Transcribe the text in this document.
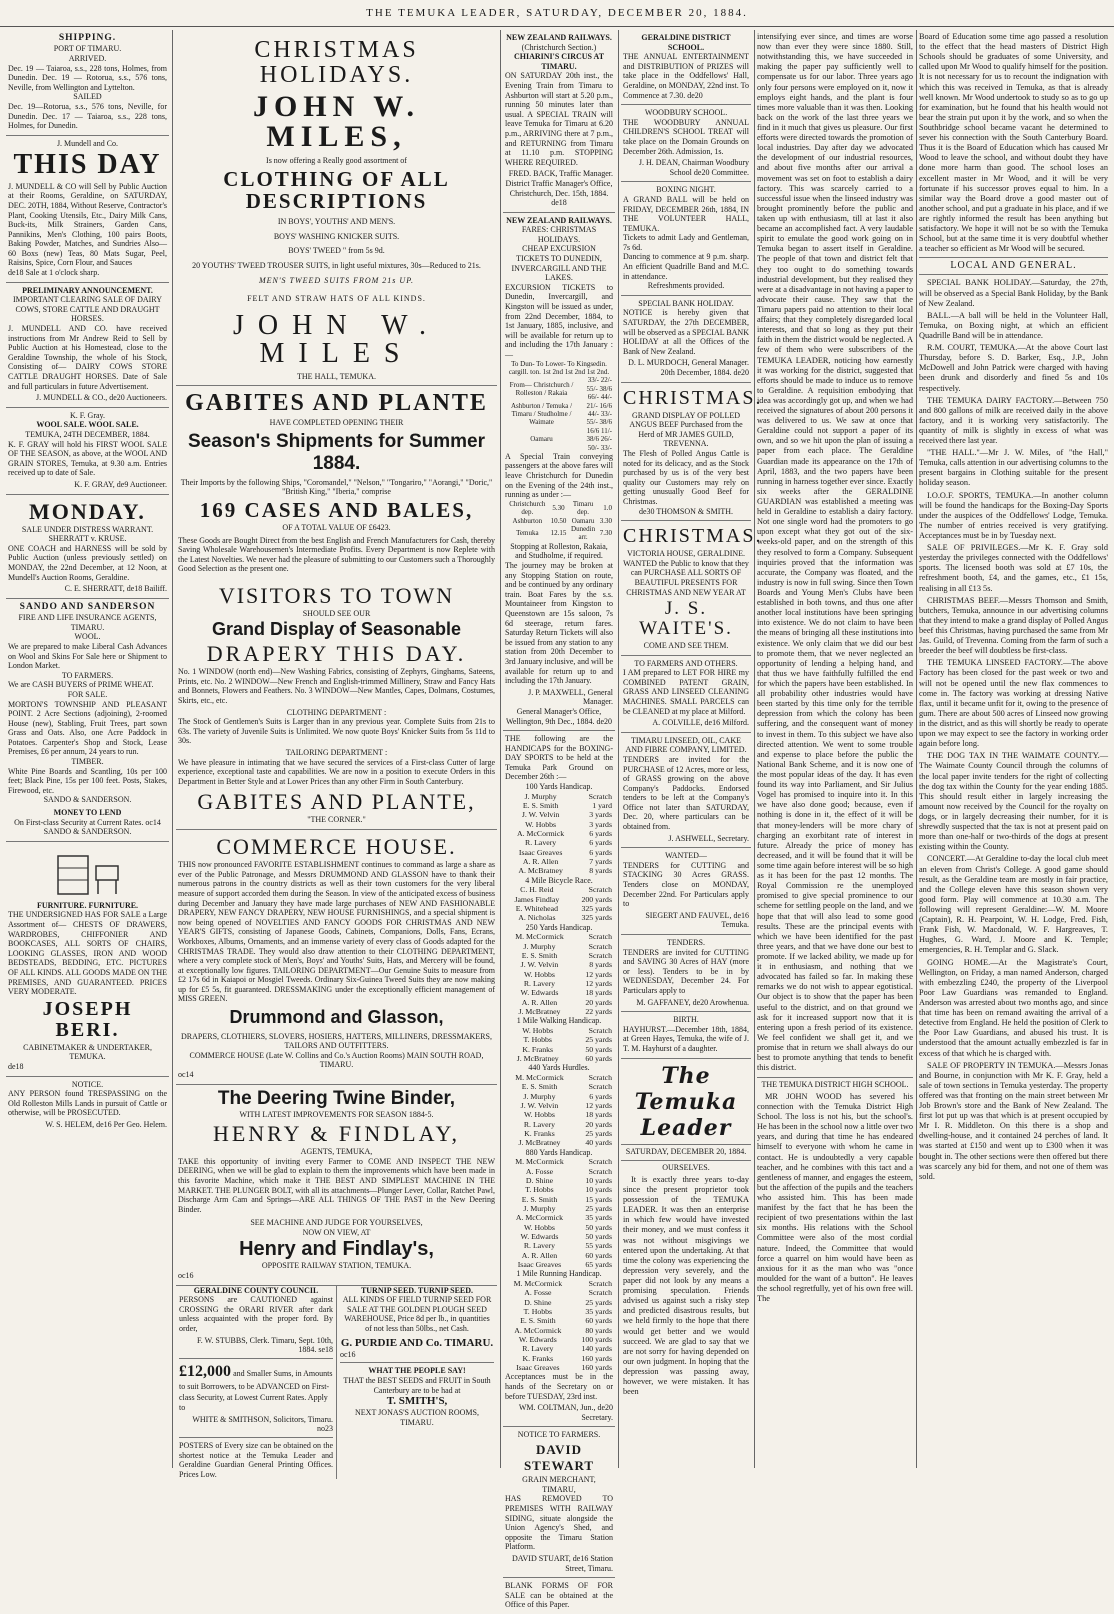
THE TEMUKA LEADER, SATURDAY, DECEMBER 20, 1884.
SHIPPING.
PORT OF TIMARU.
ARRIVED.
Dec. 19 — Taiaroa, s.s., 228 tons, Holmes, from Dunedin. Dec. 19 — Rotorua, s.s., 576 tons, Neville, from Wellington and Lyttelton.
SAILED
Dec. 19—Rotorua, s.s., 576 tons, Neville, for Dunedin. Dec. 17 — Taiaroa, s.s., 228 tons, Holmes, for Dunedin.
J. Mundell and Co.
THIS DAY
J. MUNDELL & CO will Sell by Public Auction at their Rooms, Geraldine, on SATURDAY, DEC. 20TH, 1884, Without Reserve, Contractor's Plant, Cooking Utensils, Etc., Dairy Milk Cans, Buck-its, Milk Strainers, Garden Cans, Pannikins, Men's Clothing, 100 pairs Boots, Baking Powder, Matches, and Sundries Also— 60 Boxs (new) Teas, 80 Mats Sugar, Peel, Raisins, Spice, Corn Flour, and Sauces
de18 Sale at 1 o'clock sharp.
PRELIMINARY ANNOUNCEMENT.
IMPORTANT CLEARING SALE OF DAIRY COWS, STORE CATTLE AND DRAUGHT HORSES.
J. MUNDELL AND CO. have received instructions from Mr Andrew Reid to Sell by Public Auction at his Homestead, close to the Geraldine Township, the whole of his Stock, Consisting of— DAIRY COWS STORE CATTLE DRAUGHT HORSES. Date of Sale and full particulars in future Advertisement.
J. MUNDELL & CO., de20 Auctioneers.
K. F. Gray.
WOOL SALE. WOOL SALE.
TEMUKA, 24TH DECEMBER, 1884.
K. F. GRAY will hold his FIRST WOOL SALE OF THE SEASON, as above, at the WOOL AND GRAIN STORES, Temuka, at 9.30 a.m. Entries received up to date of Sale.
K. F. GRAY, de9 Auctioneer.
MONDAY.
SALE UNDER DISTRESS WARRANT.
SHERRATT v. KRUSE.
ONE COACH and HARNESS will be sold by Public Auction (unless previously settled) on MONDAY, the 22nd December, at 12 Noon, at Mundell's Auction Rooms, Geraldine.
C. E. SHERRATT, de18 Bailiff.
SANDO AND SANDERSON
FIRE AND LIFE INSURANCE AGENTS, TIMARU.
WOOL.
We are prepared to make Liberal Cash Advances on Wool and Skins For Sale here or Shipment to London Market.
TO FARMERS.
We are CASH BUYERS of PRIME WHEAT.
FOR SALE.
MORTON'S TOWNSHIP AND PLEASANT POINT. 2 Acre Sections (adjoining), 2-roomed House (new), Stabling, Fruit Trees, part sown Grass and Oats. Also, one Acre Paddock in Potatoes. Carpenter's Shop and Stock, Lease Premises, £6 per annum, 24 years to run.
TIMBER.
White Pine Boards and Scantling, 10s per 100 feet; Black Pine, 15s per 100 feet. Posts, Stakes, Firewood, etc.
SANDO & SANDERSON.
MONEY TO LEND
On First-class Security at Current Rates. oc14 SANDO & SANDERSON.
FURNITURE. FURNITURE.
THE UNDERSIGNED HAS FOR SALE a Large Assortment of— CHESTS OF DRAWERS, WARDROBES, CHIFFONIER AND BOOKCASES, ALL SORTS OF CHAIRS, LOOKING GLASSES, IRON AND WOOD BEDSTEADS, BEDDING, ETC. PICTURES OF ALL KINDS. ALL GOODS MADE ON THE PREMISES, AND GUARANTEED. PRICES VERY MODERATE.
JOSEPH BERI.
CABINETMAKER & UNDERTAKER, TEMUKA.
de18
NOTICE.
ANY PERSON found TRESPASSING on the Old Rolleston Mills Lands in pursuit of Cattle or otherwise, will be PROSECUTED.
W. S. HELEM, de16 Per Geo. Helem.
CHRISTMAS HOLIDAYS.
JOHN W. MILES,
Is now offering a Really good assortment of
CLOTHING OF ALL DESCRIPTIONS
IN BOYS', YOUTHS' AND MEN'S.
BOYS' WASHING KNICKER SUITS.
BOYS' TWEED " from 5s 9d.
20 YOUTHS' TWEED TROUSER SUITS, in light useful mixtures, 30s—Reduced to 21s.
MEN'S TWEED SUITS FROM 21s UP.
FELT AND STRAW HATS OF ALL KINDS.
JOHN W. MILES
THE HALL, TEMUKA.
GABITES AND PLANTE
HAVE COMPLETED OPENING THEIR
Season's Shipments for Summer 1884.
Their Imports by the following Ships, "Coromandel," "Nelson," "Tongariro," "Aorangi," "Doric," "British King," "Iberia," comprise
169 CASES AND BALES,
OF A TOTAL VALUE OF £6423.
These Goods are Bought Direct from the best English and French Manufacturers for Cash, thereby Saving Wholesale Warehousemen's Intermediate Profits. Every Department is now Replete with the Latest Novelties. We never had the pleasure of submitting to our Customers such a Thoroughly Good Selection as the present one.
VISITORS TO TOWN
SHOULD SEE OUR
Grand Display of Seasonable
DRAPERY THIS DAY.
No. 1 WINDOW (north end)—New Washing Fabrics, consisting of Zephyrs, Ginghams, Sateens, Prints, etc. No. 2 WINDOW—New French and English-trimmed Millinery, Straw and Fancy Hats and Bonnets, Flowers and Feathers. No. 3 WINDOW—New Mantles, Capes, Dolmans, Costumes, Skirts, etc., etc.
CLOTHING DEPARTMENT :
The Stock of Gentlemen's Suits is Larger than in any previous year. Complete Suits from 21s to 63s. The variety of Juvenile Suits is Unlimited. We now quote Boys' Knicker Suits from 5s 11d to 30s.
TAILORING DEPARTMENT :
We have pleasure in intimating that we have secured the services of a First-class Cutter of large experience, exceptional taste and capabilities. We are now in a position to execute Orders in this Department in Better Style and at Lower Prices than any other Firm in South Canterbury.
GABITES AND PLANTE,
"THE CORNER."
COMMERCE HOUSE.
THIS now pronounced FAVORITE ESTABLISHMENT continues to command as large a share as ever of the Public Patronage, and Messrs DRUMMOND AND GLASSON have to thank their numerous patrons in the country districts as well as their town customers for the very liberal measure of support accorded them during the Season. In view of the anticipated excess of business during December and January they have made large purchases of NEW AND FASHIONABLE DRAPERY, NEW FANCY DRAPERY, NEW HOUSE FURNISHINGS, and a special shipment is now being opened of NOVELTIES AND FANCY GOODS FOR CHRISTMAS AND NEW YEAR'S GIFTS, consisting of Japanese Goods, Cabinets, Companions, Dolls, Fans, Ecrans, Workboxes, Albums, Ornaments, and an immense variety of every class of Goods adapted for the CHRISTMAS TRADE. They would also draw attention to their CLOTHING DEPARTMENT, where a very complete stock of Men's, Boys' and Youths' Suits, Hats, and Mercery will be found, at exceptionally low figures. TAILORING DEPARTMENT—Our Genuine Suits to measure from £2 17s 6d in Kaiapoi or Mosgiel Tweeds. Ordinary Six-Guinea Tweed Suits they are now making up for £5 5s, fit guaranteed. DRESSMAKING under the exceptionally efficient management of MISS GREEN.
Drummond and Glasson,
DRAPERS, CLOTHIERS, SLOVERS, HOSIERS, HATTERS, MILLINERS, DRESSMAKERS, TAILORS AND OUTFITTERS.
COMMERCE HOUSE (Late W. Collins and Co.'s Auction Rooms) MAIN SOUTH ROAD, TIMARU.
oc14
The Deering Twine Binder,
WITH LATEST IMPROVEMENTS FOR SEASON 1884-5.
HENRY & FINDLAY,
AGENTS, TEMUKA,
TAKE this opportunity of inviting every Farmer to COME AND INSPECT THE NEW DEERING, when we will be glad to explain to them the improvements which have been made in this favorite Machine, which make it THE BEST AND SIMPLEST MACHINE IN THE MARKET. THE PLUNGER BOLT, with all its attachments—Plunger Lever, Collar, Ratchet Pawl, Discharge Arm Cam and Springs—ARE ALL THINGS OF THE PAST in the New Deering Binder.
SEE MACHINE AND JUDGE FOR YOURSELVES,
NOW ON VIEW, AT
Henry and Findlay's,
OPPOSITE RAILWAY STATION, TEMUKA.
oc16
GERALDINE COUNTY COUNCIL
PERSONS are CAUTIONED against CROSSING the ORARI RIVER after dark unless acquainted with the proper ford. By order,
F. W. STUBBS, Clerk. Timaru, Sept. 10th, 1884. se18
£12,000 and Smaller Sums, in Amounts to suit Borrowers, to be ADVANCED on First-class Security, at Lowest Current Rates. Apply to
WHITE & SMITHSON, Solicitors, Timaru. no23
POSTERS of Every size can be obtained on the shortest notice at the Temuka Leader and Geraldine Guardian General Printing Offices. Prices Low.
TURNIP SEED. TURNIP SEED.
ALL KINDS OF FIELD TURNIP SEED FOR SALE AT THE GOLDEN PLOUGH SEED WAREHOUSE, Price 8d per lb., in quantities of not less than 50lbs., net Cash.
G. PURDIE AND Co. TIMARU.
oc16
WHAT THE PEOPLE SAY!
THAT the BEST SEEDS and FRUIT in South Canterbury are to be had at
T. SMITH'S,
NEXT JONAS'S AUCTION ROOMS, TIMARU.
NEW ZEALAND RAILWAYS.
(Christchurch Section.)
CHIARINI'S CIRCUS AT TIMARU.
ON SATURDAY 20th inst., the Evening Train from Timaru to Ashburton will start at 5.20 p.m., running 50 minutes later than usual. A SPECIAL TRAIN will leave Temuka for Timaru at 6.20 p.m., ARRIVING there at 7 p.m., and RETURNING from Timaru at 11.10 p.m. STOPPING WHERE REQUIRED.
FRED. BACK, Traffic Manager.
District Traffic Manager's Office, Christchurch, Dec. 15th, 1884. de18
NEW ZEALAND RAILWAYS.
FARES: CHRISTMAS HOLIDAYS.
CHEAP EXCURSION TICKETS TO DUNEDIN, INVERCARGILL AND THE LAKES.
EXCURSION TICKETS to Dunedin, Invercargill, and Kingston will be issued as under, from 22nd December, 1884, to 1st January, 1885, inclusive, and will be available for return up to and including the 17th January :—
To Dun- To Lower- To Kingsedin. cargill. ton. 1st 2nd 1st 2nd 1st 2nd.
From— Christchurch / Rolleston / Rakaia	33/- 22/- 55/- 38/6 66/- 44/-
Ashburton / Temuka / Timaru / Studholme / Waimate	21/- 16/6 44/- 33/- 55/- 38/6
Oamaru	16/6 11/- 38/6 26/- 50/- 33/-
A Special Train conveying passengers at the above fares will leave Christchurch for Dunedin on the Evening of the 24th inst., running as under :—
Christchurch dep.	5.30	Timaru dep.	1.0
Ashburton	10.50	Oamaru	3.30
Temuka	12.15	Dunedin arr.	7.30
Stopping at Rolleston, Rakaia, and Studholme, if required.
The journey may be broken at any Stopping Station on route, and be continued by any ordinary train. Boat Fares by the s.s. Mountaineer from Kingston to Queenstown are 15s saloon, 7s 6d steerage, return fares. Saturday Return Tickets will also be issued from any station to any station from 20th December to 3rd January inclusive, and will be available for return up to and including the 17th January.
J. P. MAXWELL, General Manager.
General Manager's Office, Wellington, 9th Dec., 1884. de20
THE following are the HANDICAPS for the BOXING-DAY SPORTS to be held at the Temuka Park Ground on December 26th :—
100 Yards Handicap.
J. Murphy	Scratch
E. S. Smith	1 yard
J. W. Velvin	3 yards
W. Hobbs	3 yards
A. McCormick	6 yards
R. Lavery	6 yards
Isaac Greaves	6 yards
A. R. Allen	7 yards
A. McBratney	8 yards
4 Mile Bicycle Race.
C. H. Reid	Scratch
James Findlay	200 yards
E. Whitehead	325 yards
A. Nicholas	325 yards
250 Yards Handicap.
M. McCormick	Scratch
J. Murphy	Scratch
E. S. Smith	Scratch
J. W. Velvin	8 yards
W. Hobbs	12 yards
R. Lavery	12 yards
W. Edwards	18 yards
A. R. Allen	20 yards
J. McBratney	22 yards
1 Mile Walking Handicap.
W. Hobbs	Scratch
T. Hobbs	25 yards
K. Franks	50 yards
J. McBratney	60 yards
440 Yards Hurdles.
M. McCormick	Scratch
E. S. Smith	Scratch
J. Murphy	6 yards
J. W. Velvin	12 yards
W. Hobbs	18 yards
R. Lavery	20 yards
K. Franks	25 yards
J. McBratney	40 yards
880 Yards Handicap.
M. McCormick	Scratch
A. Fosse	Scratch
D. Shine	10 yards
T. Hobbs	10 yards
E. S. Smith	15 yards
J. Murphy	25 yards
A. McCormick	35 yards
W. Hobbs	50 yards
W. Edwards	50 yards
R. Lavery	55 yards
A. R. Allen	60 yards
Isaac Greaves	65 yards
1 Mile Running Handicap.
M. McCormick	Scratch
A. Fosse	Scratch
D. Shine	25 yards
T. Hobbs	35 yards
E. S. Smith	60 yards
A. McCormick	80 yards
W. Edwards	100 yards
R. Lavery	140 yards
K. Franks	160 yards
Isaac Greaves	160 yards
Acceptances must be in the hands of the Secretary on or before TUESDAY, 23rd inst.
WM. COLTMAN, Jun., de20 Secretary.
NOTICE TO FARMERS.
DAVID STEWART
GRAIN MERCHANT, TIMARU,
HAS REMOVED TO PREMISES WITH RAILWAY SIDING, situate alongside the Union Agency's Shed, and opposite the Timaru Station Platform.
DAVID STUART, de16 Station Street, Timaru.
BLANK FORMS OF FOR SALE can be obtained at the Office of this Paper.
GERALDINE DISTRICT SCHOOL.
THE ANNUAL ENTERTAINMENT and DISTRIBUTION of PRIZES will take place in the Oddfellows' Hall, Geraldine, on MONDAY, 22nd inst. To Commence at 7.30. de20
WOODBURY SCHOOL.
THE WOODBURY ANNUAL CHILDREN'S SCHOOL TREAT will take place on the Domain Grounds on December 26th. Admission, 1s.
J. H. DEAN, Chairman Woodbury School de20 Committee.
BOXING NIGHT.
A GRAND BALL will be held on FRIDAY, DECEMBER 26th, 1884, IN THE VOLUNTEER HALL, TEMUKA.
Tickets to admit Lady and Gentleman, 7s 6d.
Dancing to commence at 9 p.m. sharp. An efficient Quadrille Band and M.C. in attendance.
Refreshments provided.
SPECIAL BANK HOLIDAY.
NOTICE is hereby given that SATURDAY, the 27th DECEMBER, will be observed as a SPECIAL BANK HOLIDAY at all the Offices of the Bank of New Zealand.
D. L. MURDOCH, General Manager. 20th December, 1884. de20
CHRISTMAS.
GRAND DISPLAY OF POLLED ANGUS BEEF Purchased from the Herd of MR JAMES GUILD, TREVENNA.
The Flesh of Polled Angus Cattle is noted for its delicacy, and as the Stock purchased by us is of the very best quality our Customers may rely on getting unusually Good Beef for Christmas.
de30 THOMSON & SMITH.
CHRISTMAS.
VICTORIA HOUSE, GERALDINE.
WANTED the Public to know that they can PURCHASE ALL SORTS OF BEAUTIFUL PRESENTS FOR CHRISTMAS AND NEW YEAR AT
J. S. WAITE'S.
COME AND SEE THEM.
TO FARMERS AND OTHERS.
I AM prepared to LET FOR HIRE my COMBINED PATENT GRAIN, GRASS AND LINSEED CLEANING MACHINES. SMALL PARCELS can be CLEANED at my place at Milford.
A. COLVILLE, de16 Milford.
TIMARU LINSEED, OIL, CAKE AND FIBRE COMPANY, LIMITED.
TENDERS are invited for the PURCHASE of 12 Acres, more or less, of GRASS growing on the above Company's Paddocks. Endorsed tenders to be left at the Company's Office not later than SATURDAY, Dec. 20, where particulars can be obtained from.
J. ASHWELL, Secretary.
WANTED—
TENDERS for CUTTING and STACKING 30 Acres GRASS. Tenders close on MONDAY, December 22nd. For Particulars apply to
SIEGERT AND FAUVEL, de16 Temuka.
TENDERS.
TENDERS are invited for CUTTING and SAVING 30 Acres of HAY (more or less). Tenders to be in by WEDNESDAY, December 24. For Particulars apply to
M. GAFFANEY, de20 Arowhenua.
BIRTH.
HAYHURST.—December 18th, 1884, at Green Hayes, Temuka, the wife of J. T. M. Hayhurst of a daughter.
The Temuka Leader
SATURDAY, DECEMBER 20, 1884.
OURSELVES.
It is exactly three years to-day since the present proprietor took possession of the TEMUKA LEADER. It was then an enterprise in which few would have invested their money, and we must confess it was not without misgivings we entered upon the undertaking. At that time the colony was experiencing the depression very severely, and the paper did not look by any means a promising speculation. Friends advised us against such a risky step and predicted disastrous results, but we held firmly to the hope that there would get better and we would succeed. We are glad to say that we are not sorry for having depended on our own judgment. In hoping that the depression was passing away, however, we were mistaken. It has been
intensifying ever since, and times are worse now than ever they were since 1880. Still, notwithstanding this, we have succeeded in making the paper pay sufficiently well to compensate us for our labor. Three years ago only four persons were employed on it, now it employs eight hands, and the plant is four times more valuable than it was then. Looking back on the work of the last three years we find in it much that gives us pleasure. Our first efforts were directed towards the promotion of local industries. Day after day we advocated the development of our industrial resources, and about five months after our arrival a movement was set on foot to establish a dairy factory. This was scarcely carried to a successful issue when the linseed industry was brought prominently before the public and taken up with enthusiasm, till at last it also became an accomplished fact. A very laudable spirit to emulate the good work going on in Temuka began to assert itself in Geraldine. The people of that town and district felt that they too ought to do something towards industrial development, but they realised they were at a disadvantage in not having a paper to advocate their cause. They saw that the Timaru papers paid no attention to their local affairs; that they completely disregarded local interests, and that so long as they put their faith in them the district would be neglected. A few of them who were subscribers of the TEMUKA LEADER, noticing how earnestly it was working for the district, suggested that efforts should be made to induce us to remove to Geraldine. A requisition embodying that idea was accordingly got up, and when we had received the signatures of about 200 persons it was delivered to us. We saw at once that Geraldine could not support a paper of its own, and so we hit upon the plan of issuing a paper from each place. The Geraldine Guardian made its appearance on the 17th of April, 1883, and the two papers have been running in harness together ever since. Exactly six weeks after the GERALDINE GUARDIAN was established a meeting was held in Geraldine to establish a dairy factory. Not one single word had the promoters to go upon except what they got out of the six-weeks-old paper, and on the strength of this they resolved to form a Company. Subsequent inquiries proved that the information was accurate, the Company was floated, and the industry is now in full swing. Since then Town Boards and Young Men's Clubs have been established in both towns, and thus one after another local institutions have been springing into existence. We do not claim to have been the means of bringing all these institutions into existence. We only claim that we did our best to promote them, that we never neglected an opportunity of lending a helping hand, and that thus we have faithfully fulfilled the end for which the papers have been established. In all probability other industries would have been started by this time only for the terrible depression from which the colony has been suffering, and the consequent want of money to invest in them. To this subject we have also directed attention. We went to some trouble and expense to place before the public the National Bank Scheme, and it is now one of the most popular ideas of the day. It has even found its way into Parliament, and Sir Julius Vogel has promised to inquire into it. In this we have also done good; because, even if nothing is done in it, the effect of it will be that money-lenders will be more chary of charging an exorbitant rate of interest in future. Already the price of money has decreased, and it will be found that it will be some time again before interest will be so high as it has been for the past 12 months. The Royal Commission re the unemployed promised to give special prominence to our scheme for settling people on the land, and we hope that that will also lead to some good results. These are the principal events with which we have been identified for the past three years, and that we have done our best to promote. If we lacked ability, we made up for it in enthusiasm, and nothing that we advocated has failed so far. In making these remarks we do not wish to appear egotistical. Our object is to show that the paper has been useful to the district, and on that ground we ask for it increased support now that it is entering upon a fresh period of its existence. We feel confident we shall get it, and we promise that in return we shall always do our best to promote anything that tends to benefit this district.
THE TEMUKA DISTRICT HIGH SCHOOL.
MR JOHN WOOD has severed his connection with the Temuka District High School. The loss is not his, but the school's. He has been in the school now a little over two years, and during that time he has endeared himself to everyone with whom he came in contact. He is undoubtedly a very capable teacher, and he combines with this tact and a gentleness of manner, and engages the esteem, but the affection of the pupils and the teachers who assisted him. This has been made manifest by the fact that he has been the recipient of two presentations within the last six months. His relations with the School Committee were also of the most cordial nature. Indeed, the Committee that would force a quarrel on him would have been as anxious for it as the man who was "once moulded for the want of a button". He leaves the school regretfully, yet of his own free will. The
Board of Education some time ago passed a resolution to the effect that the head masters of District High Schools should be graduates of some University, and called upon Mr Wood to qualify himself for the position. It is not necessary for us to recount the indignation with which this was received in Temuka, as that is already well known. Mr Wood undertook to study so as to go up for examination, but he found that his health would not bear the strain put upon it by the work, and so when the Southbridge school became vacant he determined to sever his connection with the South Canterbury Board. Thus it is the Board of Education which has caused Mr Wood to leave the school, and without doubt they have done more harm than good. The school loses an excellent master in Mr Wood, and it will be very fortunate if his successor proves equal to him. In a similar way the Board drove a good master out of another school, and put a graduate in his place, and if we are rightly informed the result has been anything but satisfactory. We hope it will not be so with the Temuka School, but at the same time it is very doubtful whether a teacher so efficient as Mr Wood will be secured.
LOCAL AND GENERAL.
SPECIAL BANK HOLIDAY.—Saturday, the 27th, will be observed as a Special Bank Holiday, by the Bank of New Zealand.
BALL.—A ball will be held in the Volunteer Hall, Temuka, on Boxing night, at which an efficient Quadrille Band will be in attendance.
R.M. COURT, TEMUKA.—At the above Court last Thursday, before S. D. Barker, Esq., J.P., John McDowell and John Patrick were charged with having been drunk and disorderly and fined 5s and 10s respectively.
THE TEMUKA DAIRY FACTORY.—Between 750 and 800 gallons of milk are received daily in the above factory, and it is working very satisfactorily. The quantity of milk is slightly in excess of what was received there last year.
"THE HALL."—Mr J. W. Miles, of "the Hall," Temuka, calls attention in our advertising columns to the present bargains in Clothing suitable for the present holiday season.
I.O.O.F. SPORTS, TEMUKA.—In another column will be found the handicaps for the Boxing-Day Sports under the auspices of the Oddfellows' Lodge, Temuka. The number of entries received is very gratifying. Acceptances must be in by Tuesday next.
SALE OF PRIVILEGES.—Mr K. F. Gray sold yesterday the privileges connected with the Oddfellows' sports. The licensed booth was sold at £7 10s, the refreshment booth, £4, and the games, etc., £1 15s, realising in all £13 5s.
CHRISTMAS BEEF.—Messrs Thomson and Smith, butchers, Temuka, announce in our advertising columns that they intend to make a grand display of Polled Angus beef this Christmas, having purchased the same from Mr Jas. Guild, of Trevenna. Coming from the farm of such a breeder the beef will doubtless be first-class.
THE TEMUKA LINSEED FACTORY.—The above Factory has been closed for the past week or two and will not be opened until the new flax commences to come in. The factory was working at dressing Native flax, until it became unfit for it, owing to the presence of gum. There are about 500 acres of Linseed now growing in the district, and as this will shortly be ready to operate upon we may expect to see the factory in working order again before long.
THE DOG TAX IN THE WAIMATE COUNTY.—The Waimate County Council through the columns of the local paper invite tenders for the right of collecting the dog tax within the County for the year ending 1885. This should result either in largely increasing the amount now received by the Council for the royalty on dogs, or in largely decreasing their number, for it is shrewdly suspected that the tax is not at present paid on more than one-half or two-thirds of the dogs at present existing within the County.
CONCERT.—At Geraldine to-day the local club meet an eleven from Christ's College. A good game should result, as the Geraldine team are mostly in fair practice, and the College eleven have this season shown very good form. Play will commence at 10.30 a.m. The following will represent Geraldine:—W. M. Moore (Captain), R. H. Pearpoint, W. H. Lodge, Fred. Fish, Frank Fish, W. Macdonald, W. F. Hargreaves, T. Hughes, G. Ward, J. Moore and K. Temple; emergencies, R. H. Templar and G. Slack.
GOING HOME.—At the Magistrate's Court, Wellington, on Friday, a man named Anderson, charged with embezzling £240, the property of the Liverpool Poor Law Guardians was remanded to England. Anderson was arrested about two months ago, and since that time has been on remand awaiting the arrival of a detective from England. He held the position of Clerk to the Poor Law Guardians, and abused his trust. It is understood that the amount actually embezzled is far in excess of that which he is charged with.
SALE OF PROPERTY IN TEMUKA.—Messrs Jonas and Bourne, in conjunction with Mr K. F. Gray, held a sale of town sections in Temuka yesterday. The property offered was that fronting on the main street between Mr Job Brown's store and the Bank of New Zealand. The first lot put up was that which is at present occupied by Mr I. R. Middleton. On this there is a shop and dwelling-house, and it contained 24 perches of land. It was started at £150 and went up to £300 when it was bought in. The other sections were then offered but there was scarcely any bid for them, and not one of them was sold.
